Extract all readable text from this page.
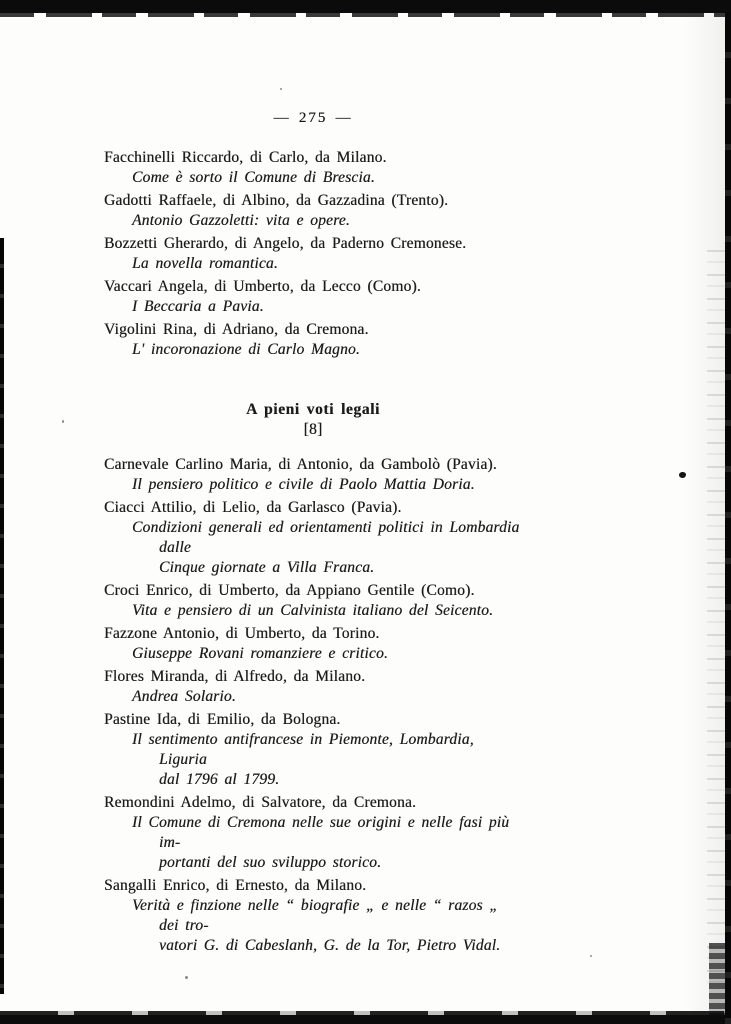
— 275 —
Facchinelli Riccardo, di Carlo, da Milano.
Come è sorto il Comune di Brescia.
Gadotti Raffaele, di Albino, da Gazzadina (Trento).
Antonio Gazzoletti: vita e opere.
Bozzetti Gherardo, di Angelo, da Paderno Cremonese.
La novella romantica.
Vaccari Angela, di Umberto, da Lecco (Como).
I Beccaria a Pavia.
Vigolini Rina, di Adriano, da Cremona.
L' incoronazione di Carlo Magno.
A pieni voti legali
[8]
Carnevale Carlino Maria, di Antonio, da Gambolò (Pavia).
Il pensiero politico e civile di Paolo Mattia Doria.
Ciacci Attilio, di Lelio, da Garlasco (Pavia).
Condizioni generali ed orientamenti politici in Lombardia dalle
Cinque giornate a Villa Franca.
Croci Enrico, di Umberto, da Appiano Gentile (Como).
Vita e pensiero di un Calvinista italiano del Seicento.
Fazzone Antonio, di Umberto, da Torino.
Giuseppe Rovani romanziere e critico.
Flores Miranda, di Alfredo, da Milano.
Andrea Solario.
Pastine Ida, di Emilio, da Bologna.
Il sentimento antifrancese in Piemonte, Lombardia, Liguria
dal 1796 al 1799.
Remondini Adelmo, di Salvatore, da Cremona.
Il Comune di Cremona nelle sue origini e nelle fasi più im-
portanti del suo sviluppo storico.
Sangalli Enrico, di Ernesto, da Milano.
Verità e finzione nelle “ biografie „ e nelle “ razos „ dei tro-
vatori G. di Cabeslanh, G. de la Tor, Pietro Vidal.
